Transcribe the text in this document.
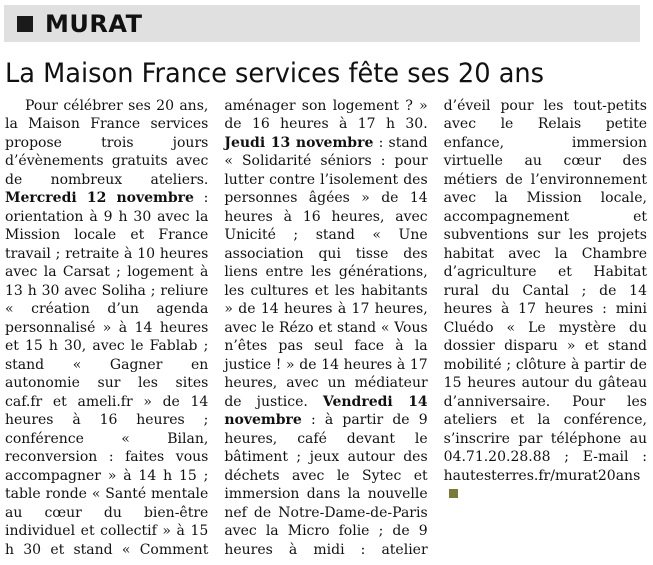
MURAT
La Maison France services fête ses 20 ans

Pour célébrer ses 20 ans, la Maison France services propose trois jours d’évènements gratuits avec de nombreux ateliers. Mercredi 12 novembre : orientation à 9 h 30 avec la Mission locale et France travail ; retraite à 10 heures avec la Carsat ; logement à 13 h 30 avec Soliha ; reliure « création d’un agenda personnalisé » à 14 heures et 15 h 30, avec le Fablab ; stand « Gagner en autonomie sur les sites caf.fr et ameli.fr » de 14 heures à 16 heures ; conférence « Bilan, reconversion : faites vous accompagner » à 14 h 15 ; table ronde « Santé mentale au cœur du bien-être individuel et collectif » à 15 h 30 et stand « Comment aménager son logement ? » de 16 heures à 17 h 30. Jeudi 13 novembre : stand « Solidarité séniors : pour lutter contre l’isolement des personnes âgées » de 14 heures à 16 heures, avec Unicité ; stand « Une association qui tisse des liens entre les générations, les cultures et les habitants » de 14 heures à 17 heures, avec le Rézo et stand « Vous n’êtes pas seul face à la justice ! » de 14 heures à 17 heures, avec un médiateur de justice. Vendredi 14 novembre : à partir de 9 heures, café devant le bâtiment ; jeux autour des déchets avec le Sytec et immersion dans la nouvelle nef de Notre-Dame-de-Paris avec la Micro folie ; de 9 heures à midi : atelier d’éveil pour les tout-petits avec le Relais petite enfance, immersion virtuelle au cœur des métiers de l’environnement avec la Mission locale, accompagnement et subventions sur les projets habitat avec la Chambre d’agriculture et Habitat rural du Cantal ; de 14 heures à 17 heures : mini Cluédo « Le mystère du dossier disparu » et stand mobilité ; clôture à partir de 15 heures autour du gâteau d’anniversaire. Pour les ateliers et la conférence, s’inscrire par téléphone au 04.71.20.28.88 ; E-mail : hautesterres.fr/murat20ans
